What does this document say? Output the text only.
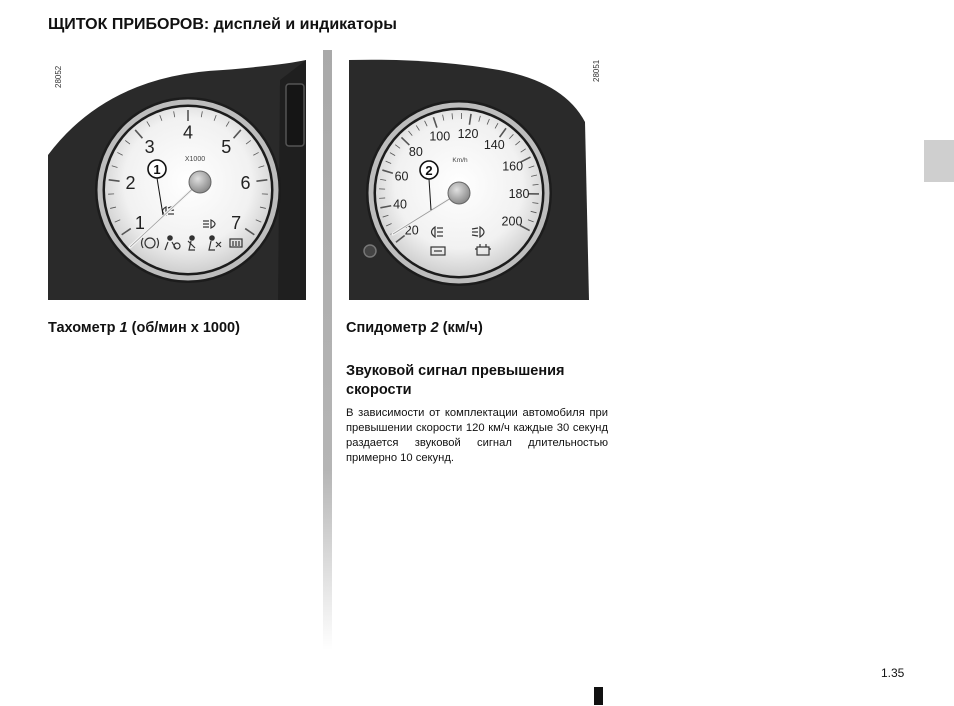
ЩИТОК ПРИБОРОВ: дисплей и индикаторы
1
2
3
4
5
6
7
X1000
1
28052
20
40
60
80
100 120
140
160
180
200
Km/h
2
28051
Тахометр 1 (об/мин x 1000)	Спидометр 2 (км/ч)
Звуковой сигнал превышения скорости
В зависимости от комплектации автомобиля при превышении скорости 120 км/ч каждые 30 секунд раздается звуковой сигнал длительностью примерно 10 секунд.
1.35
